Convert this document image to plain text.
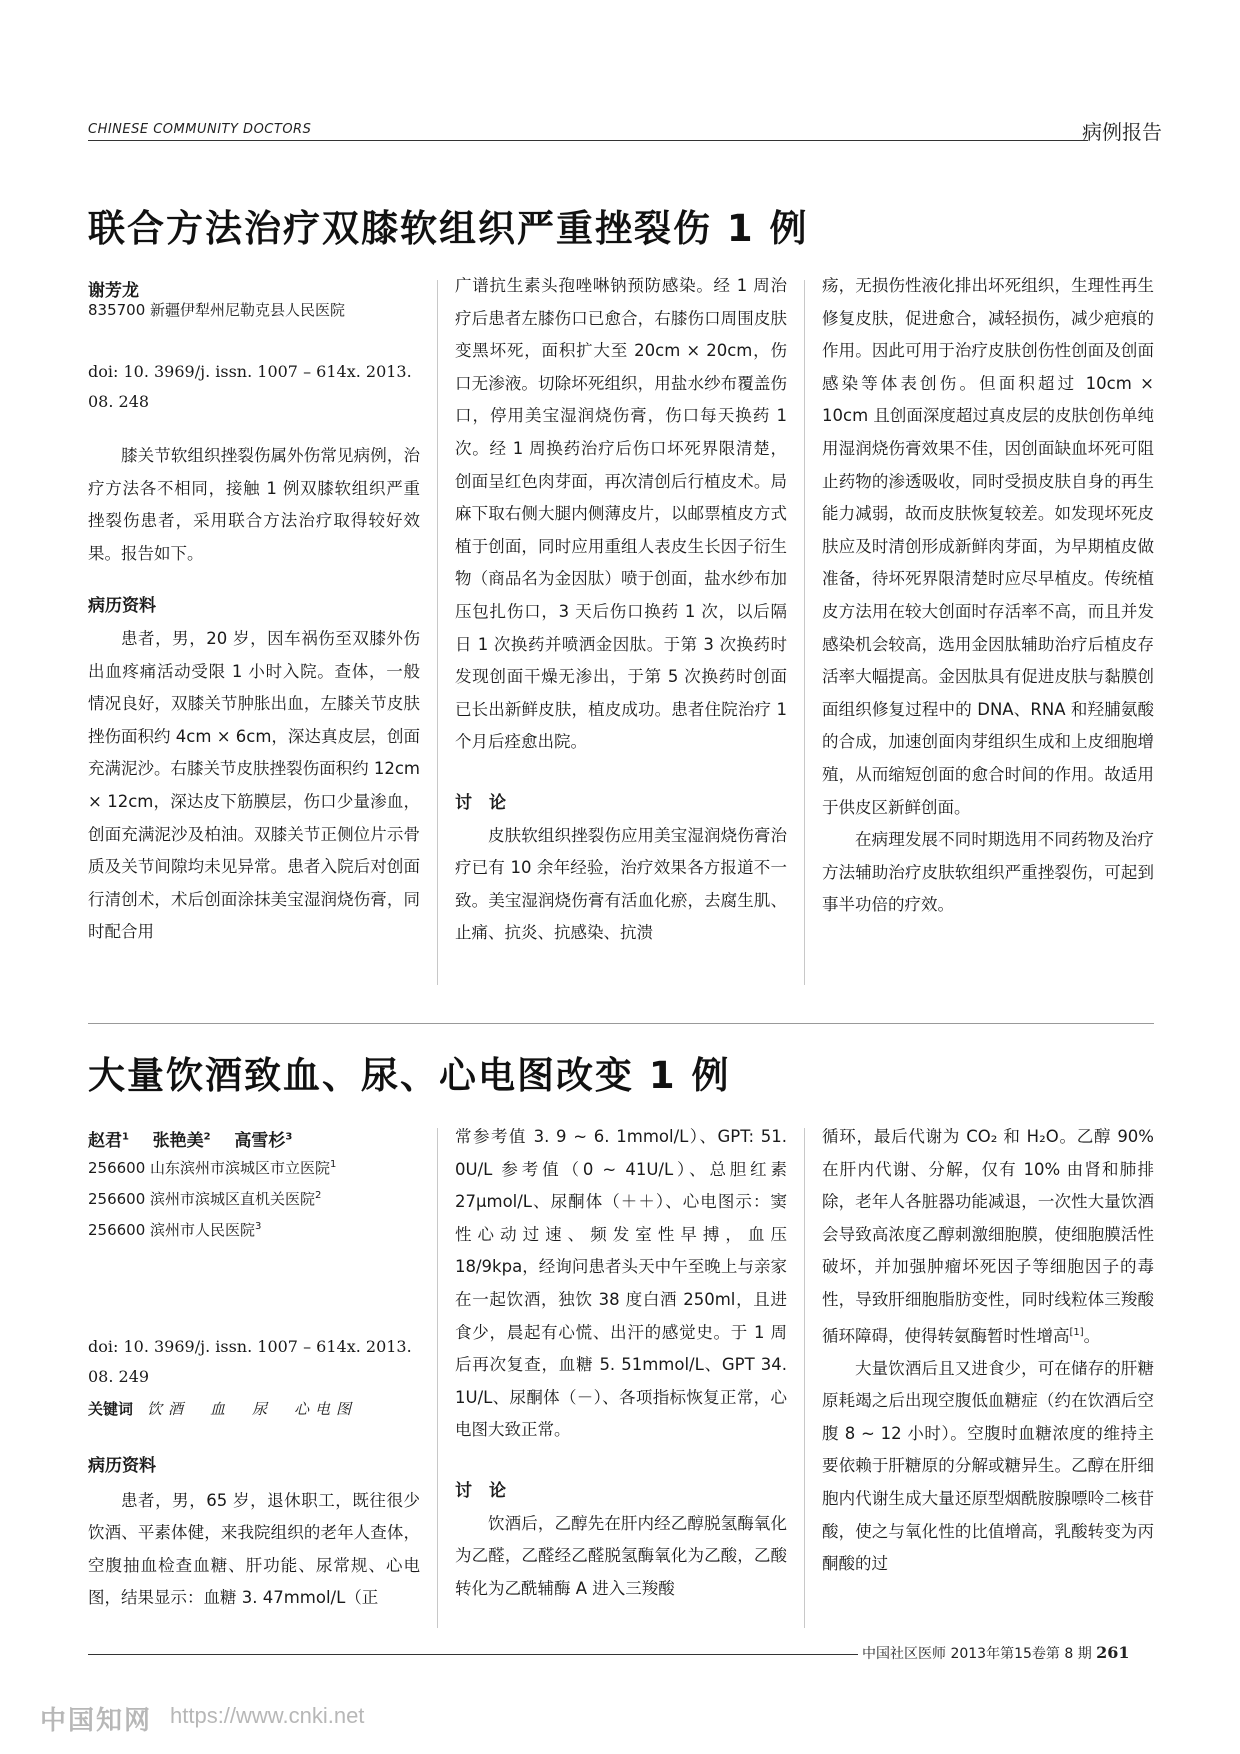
CHINESE COMMUNITY DOCTORS	病例报告
联合方法治疗双膝软组织严重挫裂伤 1 例
谢芳龙
835700 新疆伊犁州尼勒克县人民医院
doi: 10. 3969/j. issn. 1007 – 614x. 2013. 08. 248

膝关节软组织挫裂伤属外伤常见病例，治疗方法各不相同，接触 1 例双膝软组织严重挫裂伤患者，采用联合方法治疗取得较好效果。报告如下。

病历资料

患者，男，20 岁，因车祸伤至双膝外伤出血疼痛活动受限 1 小时入院。查体，一般情况良好，双膝关节肿胀出血，左膝关节皮肤挫伤面积约 4cm × 6cm，深达真皮层，创面充满泥沙。右膝关节皮肤挫裂伤面积约 12cm × 12cm，深达皮下筋膜层，伤口少量渗血，创面充满泥沙及柏油。双膝关节正侧位片示骨质及关节间隙均未见异常。患者入院后对创面行清创术，术后创面涂抹美宝湿润烧伤膏，同时配合用

广谱抗生素头孢唑啉钠预防感染。经 1 周治疗后患者左膝伤口已愈合，右膝伤口周围皮肤变黑坏死，面积扩大至 20cm × 20cm，伤口无渗液。切除坏死组织，用盐水纱布覆盖伤口，停用美宝湿润烧伤膏，伤口每天换药 1 次。经 1 周换药治疗后伤口坏死界限清楚，创面呈红色肉芽面，再次清创后行植皮术。局麻下取右侧大腿内侧薄皮片，以邮票植皮方式植于创面，同时应用重组人表皮生长因子衍生物（商品名为金因肽）喷于创面，盐水纱布加压包扎伤口，3 天后伤口换药 1 次，以后隔日 1 次换药并喷洒金因肽。于第 3 次换药时发现创面干燥无渗出，于第 5 次换药时创面已长出新鲜皮肤，植皮成功。患者住院治疗 1 个月后痊愈出院。

讨　论

皮肤软组织挫裂伤应用美宝湿润烧伤膏治疗已有 10 余年经验，治疗效果各方报道不一致。美宝湿润烧伤膏有活血化瘀，去腐生肌、止痛、抗炎、抗感染、抗溃

疡，无损伤性液化排出坏死组织，生理性再生修复皮肤，促进愈合，减轻损伤，减少疤痕的作用。因此可用于治疗皮肤创伤性创面及创面感染等体表创伤。但面积超过 10cm × 10cm 且创面深度超过真皮层的皮肤创伤单纯用湿润烧伤膏效果不佳，因创面缺血坏死可阻止药物的渗透吸收，同时受损皮肤自身的再生能力减弱，故而皮肤恢复较差。如发现坏死皮肤应及时清创形成新鲜肉芽面，为早期植皮做准备，待坏死界限清楚时应尽早植皮。传统植皮方法用在较大创面时存活率不高，而且并发感染机会较高，选用金因肽辅助治疗后植皮存活率大幅提高。金因肽具有促进皮肤与黏膜创面组织修复过程中的 DNA、RNA 和羟脯氨酸的合成，加速创面肉芽组织生成和上皮细胞增殖，从而缩短创面的愈合时间的作用。故适用于供皮区新鲜创面。

在病理发展不同时期选用不同药物及治疗方法辅助治疗皮肤软组织严重挫裂伤，可起到事半功倍的疗效。

大量饮酒致血、尿、心电图改变 1 例
赵君$^1$ 张艳美$^2$ 高雪杉$^3$
256600 山东滨州市滨城区市立医院$^1$
256600 滨州市滨城区直机关医院$^2$
256600 滨州市人民医院$^3$
doi: 10. 3969/j. issn. 1007 – 614x. 2013. 08. 249
关键词 饮酒　血　尿　心电图
病历资料

患者，男，65 岁，退休职工，既往很少饮酒、平素体健，来我院组织的老年人查体，空腹抽血检查血糖、肝功能、尿常规、心电图，结果显示：血糖 3. 47mmol/L（正

常参考值 3. 9 ~ 6. 1mmol/L）、GPT: 51. 0U/L 参考值（0 ~ 41U/L）、总胆红素 27μmol/L、尿酮体（＋＋）、心电图示：窦性心动过速、频发室性早搏，血压 18/9kpa，经询问患者头天中午至晚上与亲家在一起饮酒，独饮 38 度白酒 250ml，且进食少，晨起有心慌、出汗的感觉史。于 1 周后再次复查，血糖 5. 51mmol/L、GPT 34. 1U/L、尿酮体（－）、各项指标恢复正常，心电图大致正常。

讨　论

饮酒后，乙醇先在肝内经乙醇脱氢酶氧化为乙醛，乙醛经乙醛脱氢酶氧化为乙酸，乙酸转化为乙酰辅酶 A 进入三羧酸

循环，最后代谢为 CO₂ 和 H₂O。乙醇 90% 在肝内代谢、分解，仅有 10% 由肾和肺排除，老年人各脏器功能减退，一次性大量饮酒会导致高浓度乙醇刺激细胞膜，使细胞膜活性破坏，并加强肿瘤坏死因子等细胞因子的毒性，导致肝细胞脂肪变性，同时线粒体三羧酸循环障碍，使得转氨酶暂时性增高[1]。

大量饮酒后且又进食少，可在储存的肝糖原耗竭之后出现空腹低血糖症（约在饮酒后空腹 8 ~ 12 小时）。空腹时血糖浓度的维持主要依赖于肝糖原的分解或糖异生。乙醇在肝细胞内代谢生成大量还原型烟酰胺腺嘌呤二核苷酸，使之与氧化性的比值增高，乳酸转变为丙酮酸的过

中国社区医师 2013年第15卷第 8 期 261
中国知网 https://www.cnki.net
